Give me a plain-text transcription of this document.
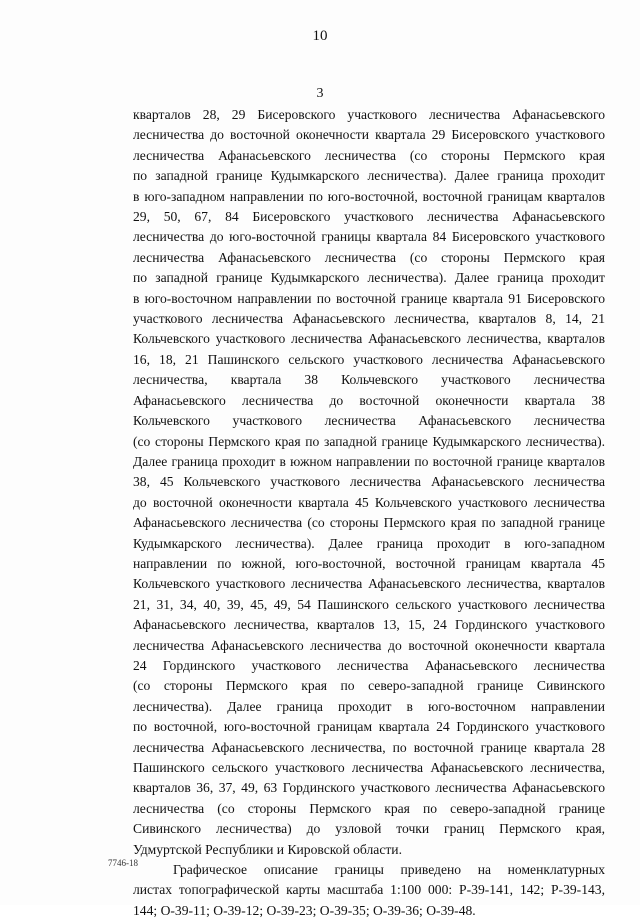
10
3
кварталов 28, 29 Бисеровского участкового лесничества Афанасьевского
лесничества до восточной оконечности квартала 29 Бисеровского участкового
лесничества Афанасьевского лесничества (со стороны Пермского края
по западной границе Кудымкарского лесничества). Далее граница проходит
в юго-западном направлении по юго-восточной, восточной границам кварталов
29, 50, 67, 84 Бисеровского участкового лесничества Афанасьевского
лесничества до юго-восточной границы квартала 84 Бисеровского участкового
лесничества Афанасьевского лесничества (со стороны Пермского края
по западной границе Кудымкарского лесничества). Далее граница проходит
в юго-восточном направлении по восточной границе квартала 91 Бисеровского
участкового лесничества Афанасьевского лесничества, кварталов 8, 14, 21
Кольчевского участкового лесничества Афанасьевского лесничества, кварталов
16, 18, 21 Пашинского сельского участкового лесничества Афанасьевского
лесничества, квартала 38 Кольчевского участкового лесничества
Афанасьевского лесничества до восточной оконечности квартала 38
Кольчевского участкового лесничества Афанасьевского лесничества
(со стороны Пермского края по западной границе Кудымкарского лесничества).
Далее граница проходит в южном направлении по восточной границе кварталов
38, 45 Кольчевского участкового лесничества Афанасьевского лесничества
до восточной оконечности квартала 45 Кольчевского участкового лесничества
Афанасьевского лесничества (со стороны Пермского края по западной границе
Кудымкарского лесничества). Далее граница проходит в юго-западном
направлении по южной, юго-восточной, восточной границам квартала 45
Кольчевского участкового лесничества Афанасьевского лесничества, кварталов
21, 31, 34, 40, 39, 45, 49, 54 Пашинского сельского участкового лесничества
Афанасьевского лесничества, кварталов 13, 15, 24 Гординского участкового
лесничества Афанасьевского лесничества до восточной оконечности квартала
24 Гординского участкового лесничества Афанасьевского лесничества
(со стороны Пермского края по северо-западной границе Сивинского
лесничества). Далее граница проходит в юго-восточном направлении
по восточной, юго-восточной границам квартала 24 Гординского участкового
лесничества Афанасьевского лесничества, по восточной границе квартала 28
Пашинского сельского участкового лесничества Афанасьевского лесничества,
кварталов 36, 37, 49, 63 Гординского участкового лесничества Афанасьевского
лесничества (со стороны Пермского края по северо-западной границе
Сивинского лесничества) до узловой точки границ Пермского края,
Удмуртской Республики и Кировской области.
Графическое описание границы приведено на номенклатурных
листах топографической карты масштаба 1:100 000: P-39-141, 142; P-39-143,
144; O-39-11; O-39-12; O-39-23; O-39-35; O-39-36; O-39-48.
7746-18
